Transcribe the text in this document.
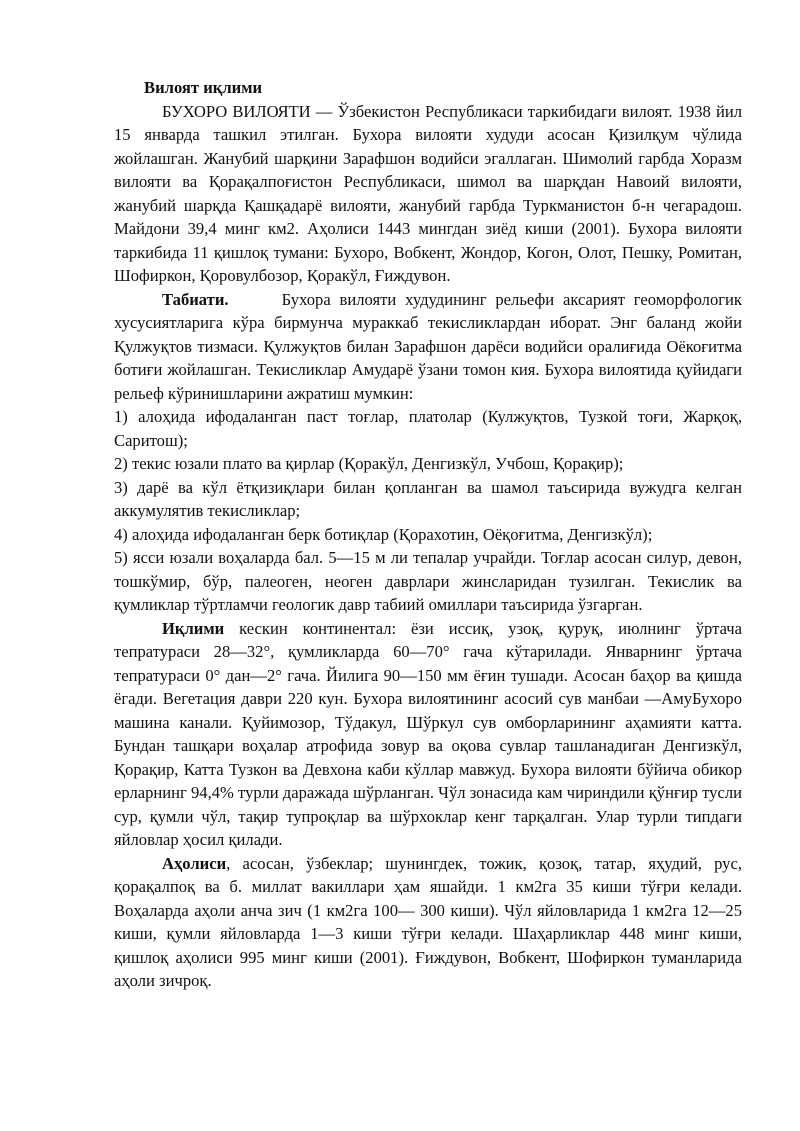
Вилоят иқлими

БУХОРО ВИЛОЯТИ — Ўзбекистон Республикаси таркибидаги вилоят. 1938 йил 15 январда ташкил этилган. Бухора вилояти худуди асосан Қизилқум чўлида жойлашган. Жанубий шарқини Зарафшон водийси эгаллаган. Шимолий гарбда Хоразм вилояти ва Қорақалпоғистон Республикаси, шимол ва шарқдан Навоий вилояти, жанубий шарқда Қашқадарё вилояти, жанубий гарбда Туркманистон б-н чегарадош. Майдони 39,4 минг км2. Аҳолиси 1443 мингдан зиёд киши (2001). Бухора вилояти таркибида 11 қишлоқ тумани: Бухоро, Вобкент, Жондор, Когон, Олот, Пешку, Ромитан, Шофиркон, Қоровулбозор, Қоракўл, Ғиждувон.

Табиати.	Бухора вилояти худудининг рельефи аксарият геоморфологик хусусиятларига кўра бирмунча мураккаб текисликлардан иборат. Энг баланд жойи Қулжуқтов тизмаси. Қулжуқтов билан Зарафшон дарёси водийси оралиғида Оёкоғитма ботиғи жойлашган. Текисликлар Амударё ўзани томон кия. Бухора вилоятида қуйидаги рельеф кўринишларини ажратиш мумкин:

1) алоҳида ифодаланган паст тоғлар, платолар (Кулжуқтов, Тузкой тоғи, Жарқоқ, Саритош);

2) текис юзали плато ва қирлар (Қоракўл, Денгизкўл, Учбош, Қорақир);

3) дарё ва кўл ётқизиқлари билан қопланган ва шамол таъсирида вужудга келган аккумулятив текисликлар;

4) алоҳида ифодаланган берк ботиқлар (Қорахотин, Оёқоғитма, Денгизкўл);

5) ясси юзали воҳаларда бал. 5—15 м ли тепалар учрайди. Тоғлар асосан силур, девон, тошкўмир, бўр, палеоген, неоген даврлари жинсларидан тузилган. Текислик ва қумликлар тўртламчи геологик давр табиий омиллари таъсирида ўзгарган.

Иқлими кескин континентал: ёзи иссиқ, узоқ, қуруқ, июлнинг ўртача тепратураси 28—32°, қумликларда 60—70° гача кўтарилади. Январнинг ўртача тепратураси 0° дан—2° гача. Йилига 90—150 мм ёғин тушади. Асосан баҳор ва қишда ёгади. Вегетация даври 220 кун. Бухора вилоятининг асосий сув манбаи —АмуБухоро машина канали. Қуйимозор, Тўдакул, Шўркул сув омборларининг аҳамияти катта. Бундан ташқари воҳалар атрофида зовур ва оқова сувлар ташланадиган Денгизкўл, Қорақир, Катта Тузкон ва Девхона каби кўллар мавжуд. Бухора вилояти бўйича обикор ерларнинг 94,4% турли даражада шўрланган. Чўл зонасида кам чириндили қўнғир тусли сур, қумли чўл, тақир тупроқлар ва шўрхоклар кенг тарқалган. Улар турли типдаги яйловлар ҳосил қилади.

Аҳолиси, асосан, ўзбеклар; шунингдек, тожик, қозоқ, татар, яҳудий, рус, қорақалпоқ ва б. миллат вакиллари ҳам яшайди. 1 км2га 35 киши тўғри келади. Воҳаларда аҳоли анча зич (1 км2га 100— 300 киши). Чўл яйловларида 1 км2га 12—25 киши, қумли яйловларда 1—3 киши тўғри келади. Шаҳарликлар 448 минг киши, қишлоқ аҳолиси 995 минг киши (2001). Ғиждувон, Вобкент, Шофиркон туманларида аҳоли зичроқ.
